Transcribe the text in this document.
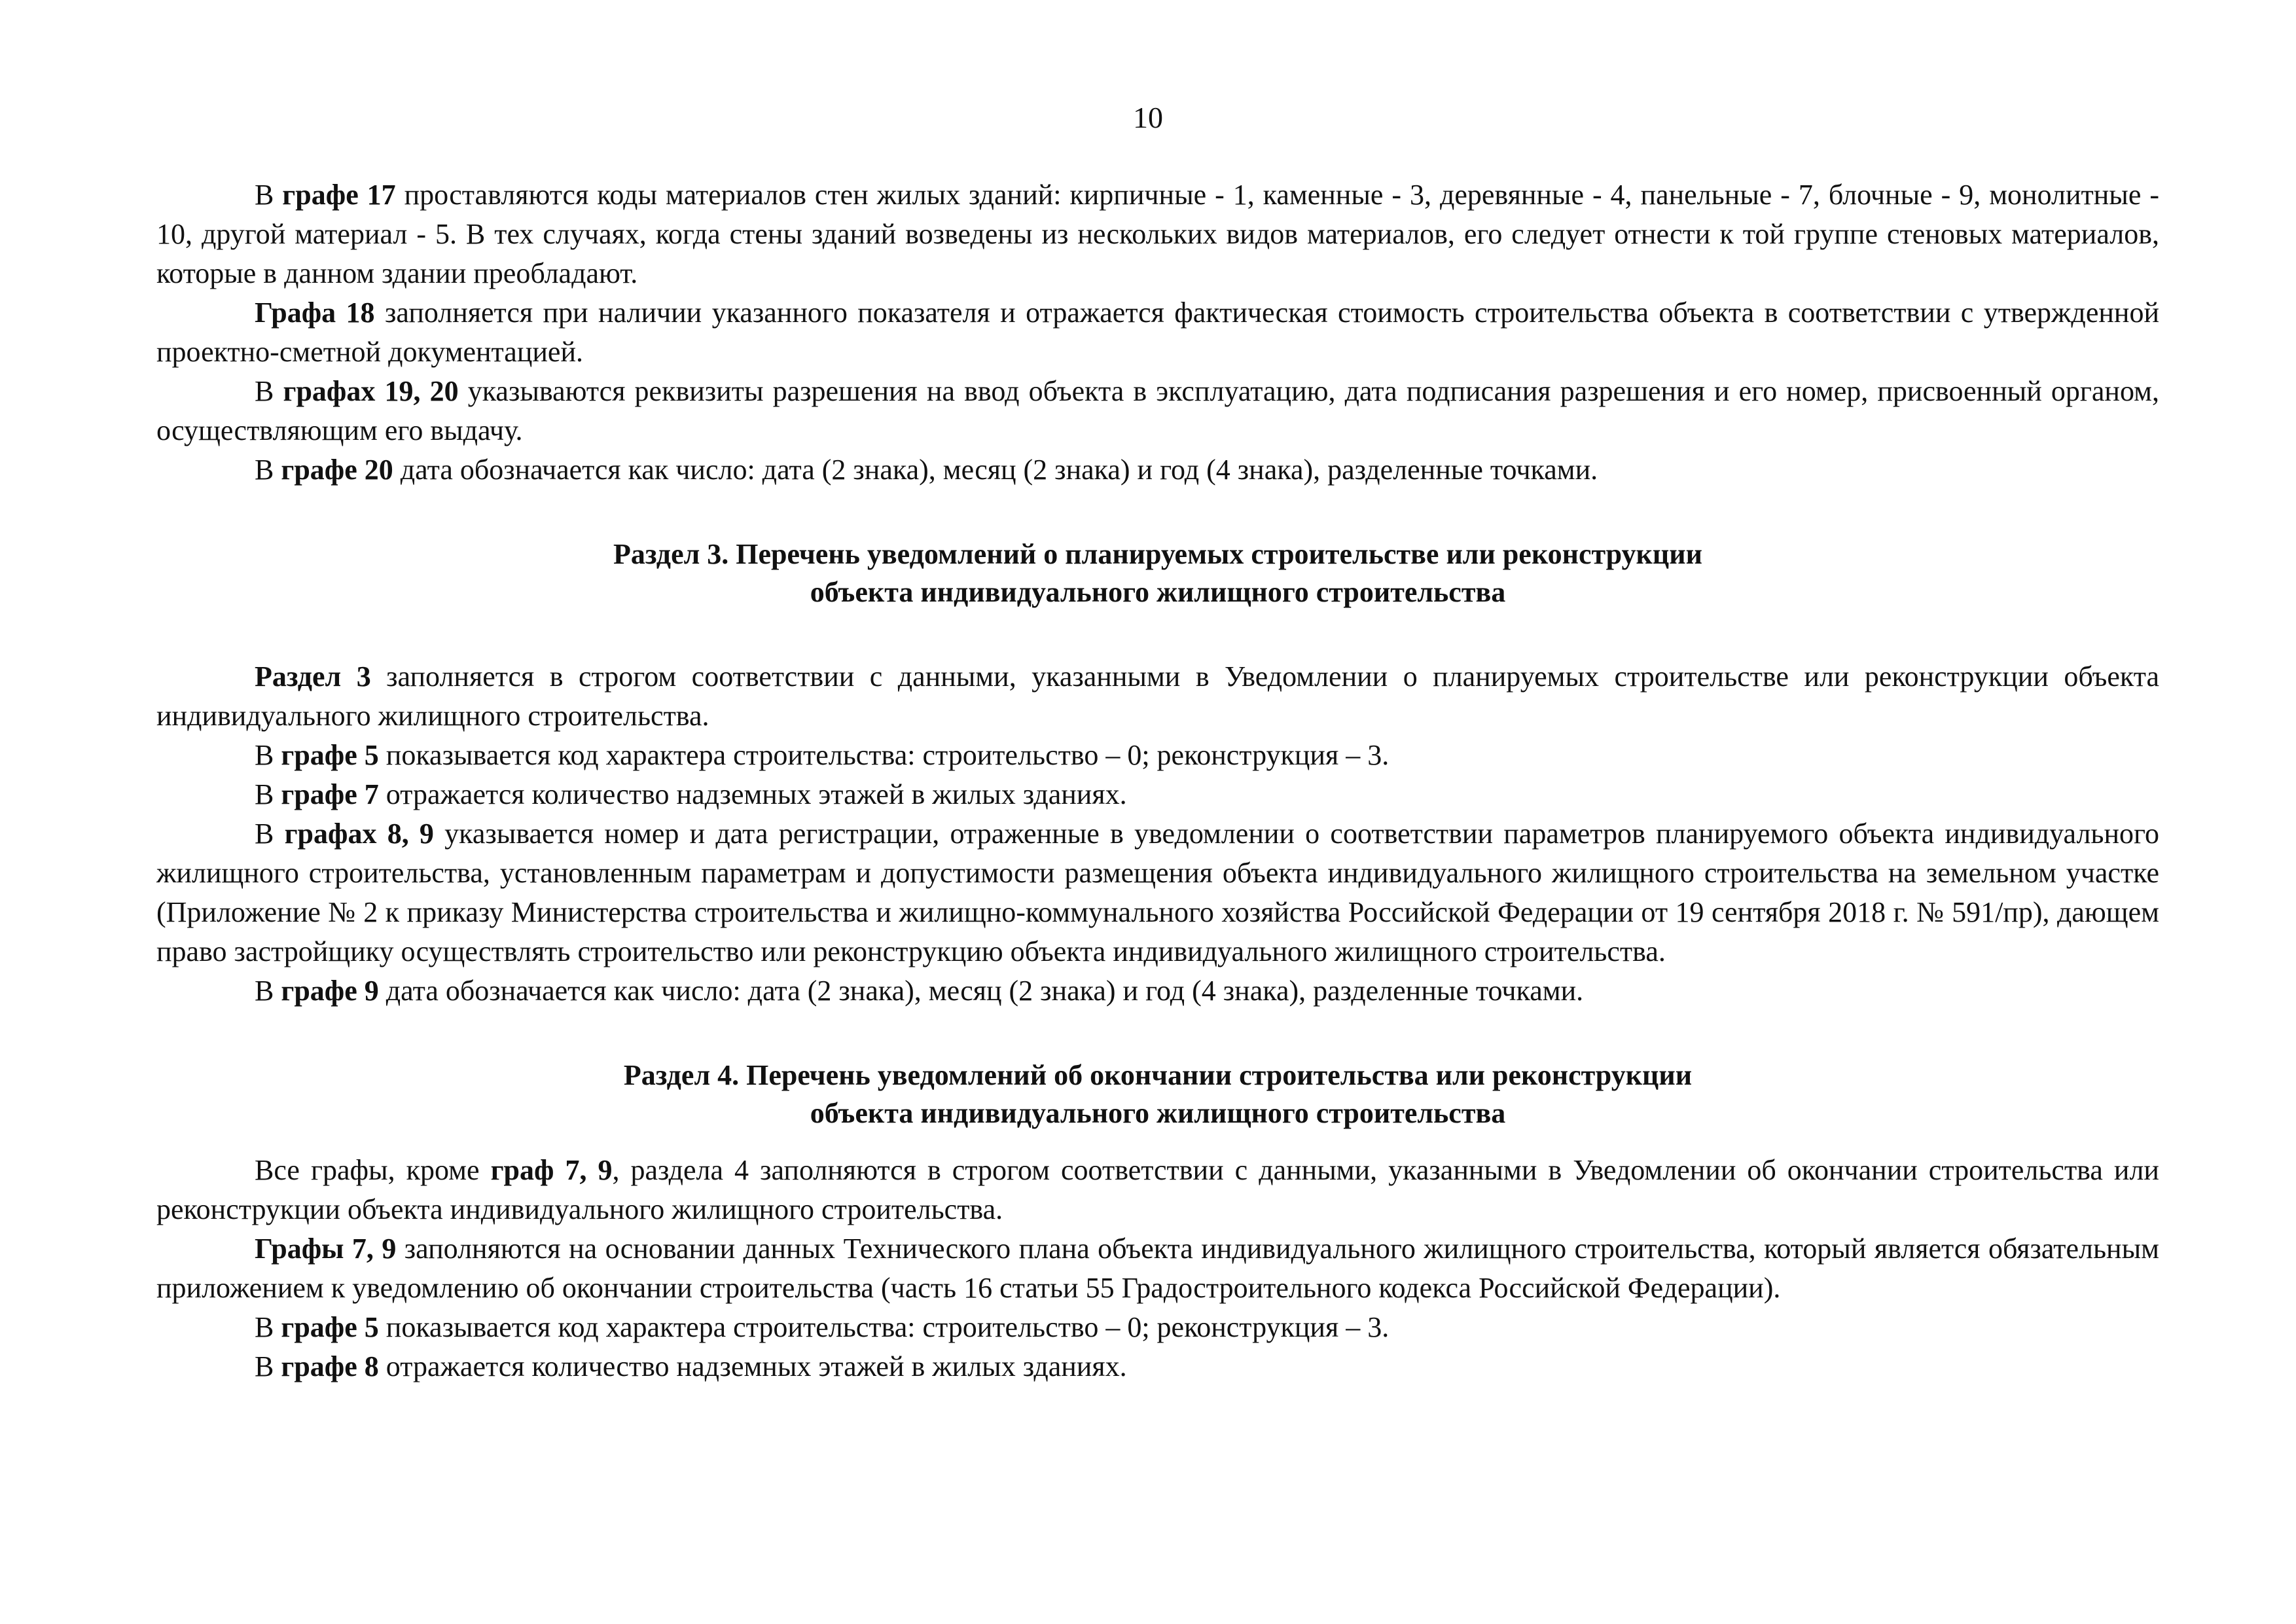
10

В графе 17 проставляются коды материалов стен жилых зданий: кирпичные - 1, каменные - 3, деревянные - 4, панельные - 7, блочные - 9, монолитные - 10, другой материал - 5. В тех случаях, когда стены зданий возведены из нескольких видов материалов, его следует отнести к той группе стеновых материалов, которые в данном здании преобладают.

Графа 18 заполняется при наличии указанного показателя и отражается фактическая стоимость строительства объекта в соответствии с утвержденной проектно-сметной документацией.

В графах 19, 20 указываются реквизиты разрешения на ввод объекта в эксплуатацию, дата подписания разрешения и его номер, присвоенный органом, осуществляющим его выдачу.

В графе 20 дата обозначается как число: дата (2 знака), месяц (2 знака) и год (4 знака), разделенные точками.

Раздел 3. Перечень уведомлений о планируемых строительстве или реконструкции
объекта индивидуального жилищного строительства

Раздел 3 заполняется в строгом соответствии с данными, указанными в Уведомлении о планируемых строительстве или реконструкции объекта индивидуального жилищного строительства.

В графе 5 показывается код характера строительства: строительство – 0; реконструкция – 3.

В графе 7 отражается количество надземных этажей в жилых зданиях.

В графах 8, 9 указывается номер и дата регистрации, отраженные в уведомлении о соответствии параметров планируемого объекта индивидуального жилищного строительства, установленным параметрам и допустимости размещения объекта индивидуального жилищного строительства на земельном участке (Приложение № 2 к приказу Министерства строительства и жилищно-коммунального хозяйства Российской Федерации от 19 сентября 2018 г. № 591/пр), дающем право застройщику осуществлять строительство или реконструкцию объекта индивидуального жилищного строительства.

В графе 9 дата обозначается как число: дата (2 знака), месяц (2 знака) и год (4 знака), разделенные точками.

Раздел 4. Перечень уведомлений об окончании строительства или реконструкции
объекта индивидуального жилищного строительства

Все графы, кроме граф 7, 9, раздела 4 заполняются в строгом соответствии с данными, указанными в Уведомлении об окончании строительства или реконструкции объекта индивидуального жилищного строительства.

Графы 7, 9 заполняются на основании данных Технического плана объекта индивидуального жилищного строительства, который является обязательным приложением к уведомлению об окончании строительства (часть 16 статьи 55 Градостроительного кодекса Российской Федерации).

В графе 5 показывается код характера строительства: строительство – 0; реконструкция – 3.

В графе 8 отражается количество надземных этажей в жилых зданиях.
